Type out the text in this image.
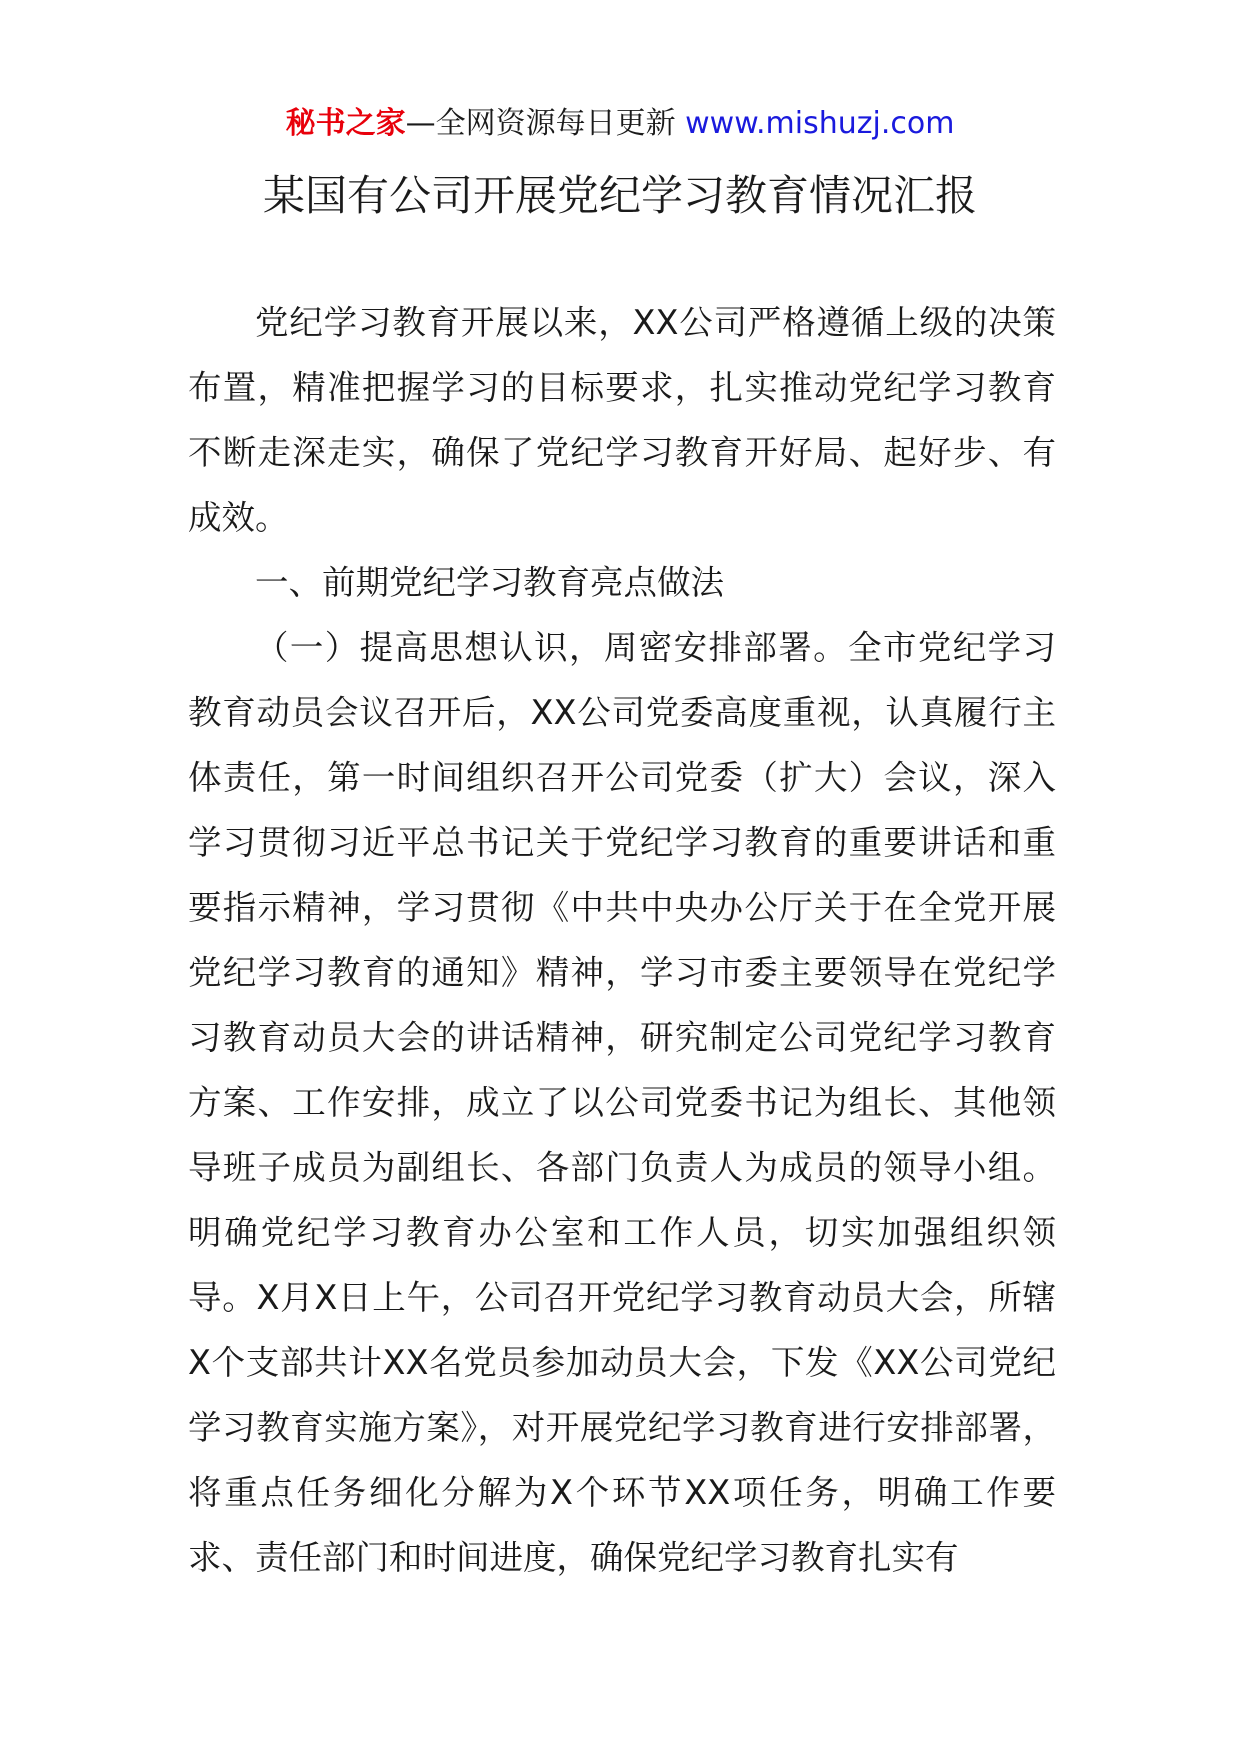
秘书之家—全网资源每日更新 www.mishuzj.com
某国有公司开展党纪学习教育情况汇报

党纪学习教育开展以来，XX公司严格遵循上级的决策布置，精准把握学习的目标要求，扎实推动党纪学习教育不断走深走实，确保了党纪学习教育开好局、起好步、有成效。

一、前期党纪学习教育亮点做法

（一）提高思想认识，周密安排部署。全市党纪学习教育动员会议召开后，XX公司党委高度重视，认真履行主体责任，第一时间组织召开公司党委（扩大）会议，深入学习贯彻习近平总书记关于党纪学习教育的重要讲话和重要指示精神，学习贯彻《中共中央办公厅关于在全党开展党纪学习教育的通知》精神，学习市委主要领导在党纪学习教育动员大会的讲话精神，研究制定公司党纪学习教育方案、工作安排，成立了以公司党委书记为组长、其他领导班子成员为副组长、各部门负责人为成员的领导小组。明确党纪学习教育办公室和工作人员，切实加强组织领导。X月X日上午，公司召开党纪学习教育动员大会，所辖X个支部共计XX名党员参加动员大会，下发《XX公司党纪学习教育实施方案》，对开展党纪学习教育进行安排部署，将重点任务细化分解为X个环节XX项任务，明确工作要求、责任部门和时间进度，确保党纪学习教育扎实有
